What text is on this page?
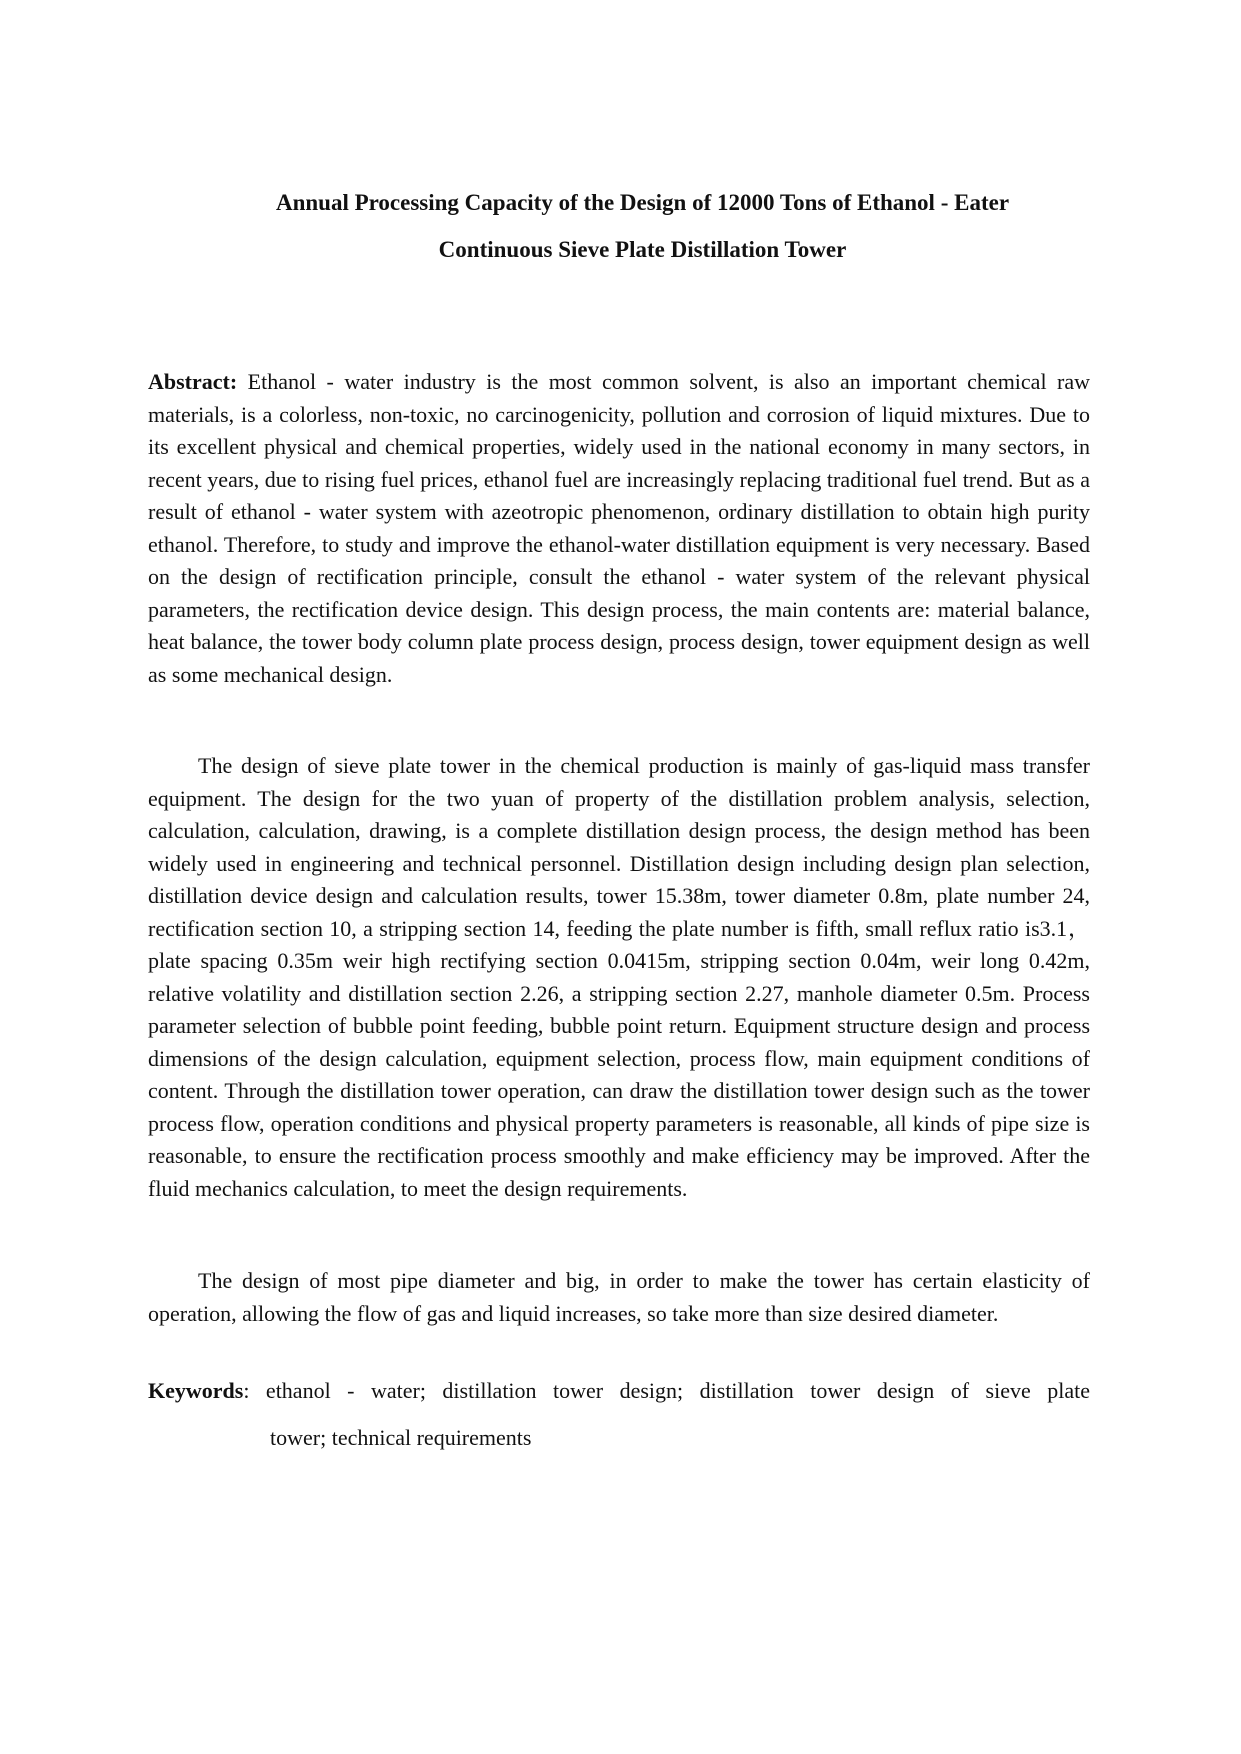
Annual Processing Capacity of the Design of 12000 Tons of Ethanol - Eater
Continuous Sieve Plate Distillation Tower
Abstract: Ethanol - water industry is the most common solvent, is also an important chemical raw materials, is a colorless, non-toxic, no carcinogenicity, pollution and corrosion of liquid mixtures. Due to its excellent physical and chemical properties, widely used in the national economy in many sectors, in recent years, due to rising fuel prices, ethanol fuel are increasingly replacing traditional fuel trend. But as a result of ethanol - water system with azeotropic phenomenon, ordinary distillation to obtain high purity ethanol. Therefore, to study and improve the ethanol-water distillation equipment is very necessary. Based on the design of rectification principle, consult the ethanol - water system of the relevant physical parameters, the rectification device design. This design process, the main contents are: material balance, heat balance, the tower body column plate process design, process design, tower equipment design as well as some mechanical design.
The design of sieve plate tower in the chemical production is mainly of gas-liquid mass transfer equipment. The design for the two yuan of property of the distillation problem analysis, selection, calculation, calculation, drawing, is a complete distillation design process, the design method has been widely used in engineering and technical personnel. Distillation design including design plan selection, distillation device design and calculation results, tower 15.38m, tower diameter 0.8m, plate number 24, rectification section 10, a stripping section 14, feeding the plate number is fifth, small reflux ratio is3.1， plate spacing 0.35m weir high rectifying section 0.0415m, stripping section 0.04m, weir long 0.42m, relative volatility and distillation section 2.26, a stripping section 2.27, manhole diameter 0.5m. Process parameter selection of bubble point feeding, bubble point return. Equipment structure design and process dimensions of the design calculation, equipment selection, process flow, main equipment conditions of content. Through the distillation tower operation, can draw the distillation tower design such as the tower process flow, operation conditions and physical property parameters is reasonable, all kinds of pipe size is reasonable, to ensure the rectification process smoothly and make efficiency may be improved. After the fluid mechanics calculation, to meet the design requirements.
The design of most pipe diameter and big, in order to make the tower has certain elasticity of operation, allowing the flow of gas and liquid increases, so take more than size desired diameter.
Keywords: ethanol - water; distillation tower design; distillation tower design of sieve plate
tower; technical requirements
